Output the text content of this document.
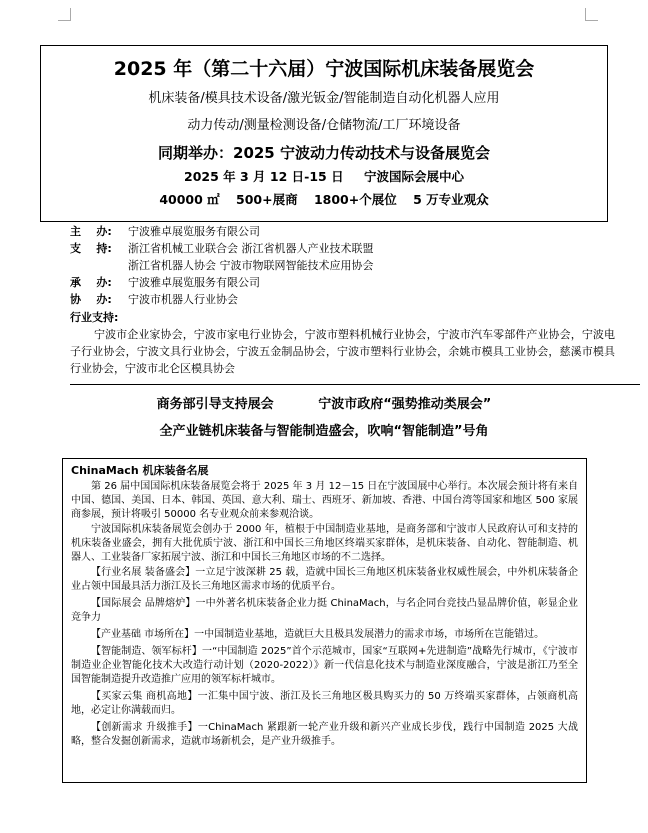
2025 年（第二十六届）宁波国际机床装备展览会
机床装备/模具技术设备/激光钣金/智能制造自动化机器人应用
动力传动/测量检测设备/仓储物流/工厂环境设备
同期举办：2025 宁波动力传动技术与设备展览会
2025 年 3 月 12 日-15 日 宁波国际会展中心
40000 ㎡ 500+展商 1800+个展位 5 万专业观众
主    办:	宁波雅卓展览服务有限公司
支    持:	浙江省机械工业联合会 浙江省机器人产业技术联盟
浙江省机器人协会 宁波市物联网智能技术应用协会
承    办:	宁波雅卓展览服务有限公司
协    办:	宁波市机器人行业协会
行业支持:
宁波市企业家协会，宁波市家电行业协会，宁波市塑料机械行业协会，宁波市汽车零部件产业协会，宁波电子行业协会，宁波文具行业协会，宁波五金制品协会，宁波市塑料行业协会，余姚市模具工业协会，慈溪市模具行业协会，宁波市北仑区模具协会
商务部引导支持展会	宁波市政府“强势推动类展会”
全产业链机床装备与智能制造盛会，吹响“智能制造”号角
ChinaMach 机床装备名展
第 26 届中国国际机床装备展览会将于 2025 年 3 月 12－15 日在宁波国展中心举行。本次展会预计将有来自中国、德国、美国、日本、韩国、英国、意大利、瑞士、西班牙、新加坡、香港、中国台湾等国家和地区 500 家展商参展，预计将吸引 50000 名专业观众前来参观洽谈。
宁波国际机床装备展览会创办于 2000 年，植根于中国制造业基地，是商务部和宁波市人民政府认可和支持的机床装备业盛会，拥有大批优质宁波、浙江和中国长三角地区终端买家群体，是机床装备、自动化、智能制造、机器人、工业装备厂家拓展宁波、浙江和中国长三角地区市场的不二选择。
【行业名展 装备盛会】一立足宁波深耕 25 载，造就中国长三角地区机床装备业权威性展会，中外机床装备企业占领中国最具活力浙江及长三角地区需求市场的优质平台。
【国际展会 品牌熔炉】一中外著名机床装备企业力挺 ChinaMach，与名企同台竞技凸显品牌价值，彰显企业竞争力
【产业基础 市场所在】一中国制造业基地，造就巨大且极具发展潜力的需求市场，市场所在岂能错过。
【智能制造、领军标杆】一“中国制造 2025”首个示范城市，国家“互联网+先进制造”战略先行城市，《宁波市制造业企业智能化技术大改造行动计划（2020-2022）》新一代信息化技术与制造业深度融合，宁波是浙江乃至全国智能制造提升改造推广应用的领军标杆城市。
【买家云集 商机高地】一汇集中国宁波、浙江及长三角地区极具购买力的 50 万终端买家群体，占领商机高地，必定让你满载而归。
【创新需求 升级推手】一ChinaMach 紧跟新一轮产业升级和新兴产业成长步伐，践行中国制造 2025 大战略，整合发掘创新需求，造就市场新机会，是产业升级推手。
